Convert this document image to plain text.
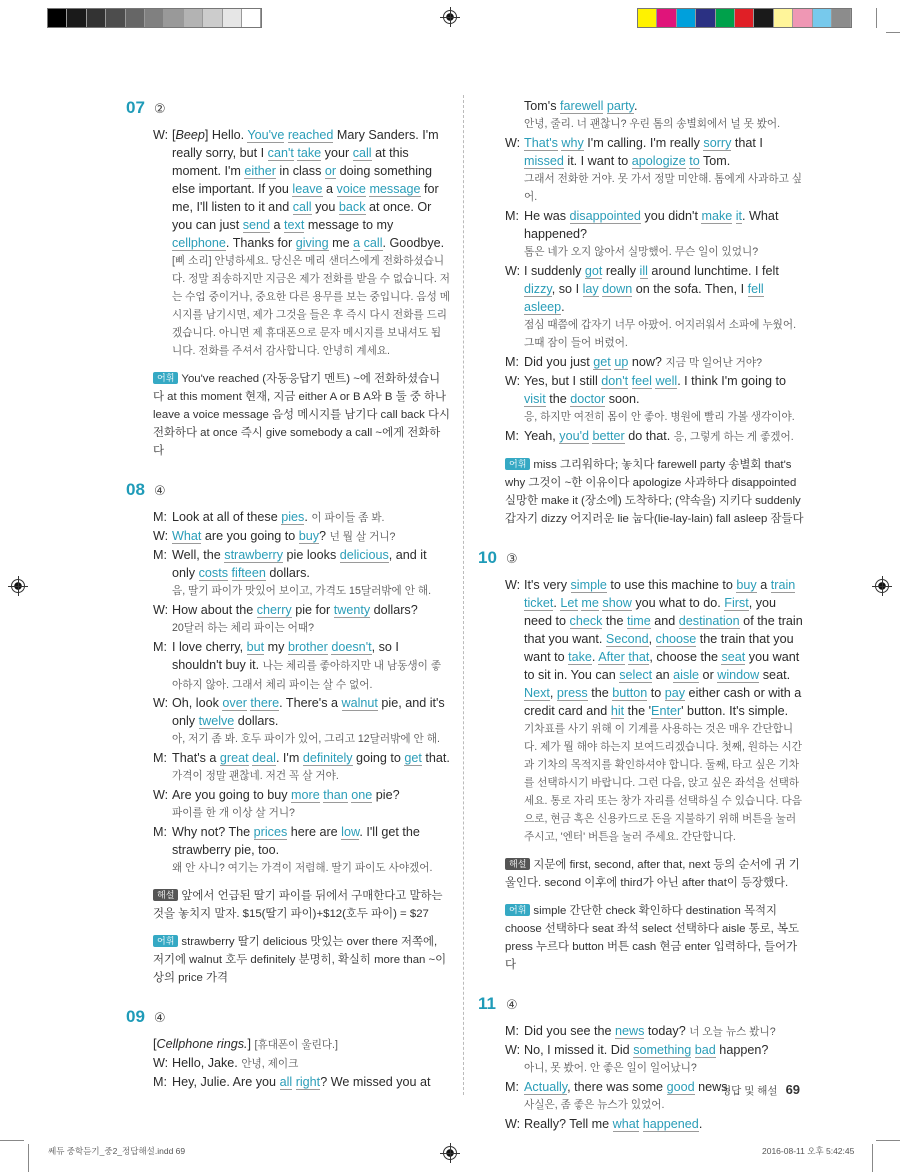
07 ②
W: [Beep] Hello. You've reached Mary Sanders. I'm really sorry, but I can't take your call at this moment. I'm either in class or doing something else important. If you leave a voice message for me, I'll listen to it and call you back at once. Or you can just send a text message to my cellphone. Thanks for giving me a call. Goodbye.
[삐 소리] 안녕하세요. 당신은 메리 샌더스에게 전화하셨습니다. 정말 죄송하지만 지금은 제가 전화를 받을 수 없습니다. 저는 수업 중이거나, 중요한 다른 용무를 보는 중입니다. 음성 메시지를 남기시면, 제가 그것을 들은 후 즉시 다시 전화를 드리겠습니다. 아니면 제 휴대폰으로 문자 메시지를 보내셔도 됩니다. 전화를 주셔서 감사합니다. 안녕히 계세요.
어휘 You've reached (자동응답기 멘트) ~에 전화하셨습니다 at this moment 현재, 지금 either A or B A와 B 둘 중 하나 leave a voice message 음성 메시지를 남기다 call back 다시 전화하다 at once 즉시 give somebody a call ~에게 전화하다
08 ④
M: Look at all of these pies. 이 파이들 좀 봐.
W: What are you going to buy? 넌 뭘 살 거니?
M: Well, the strawberry pie looks delicious, and it only costs fifteen dollars.
음, 딸기 파이가 맛있어 보이고, 가격도 15달러밖에 안 해.
W: How about the cherry pie for twenty dollars?
20달러 하는 체리 파이는 어때?
M: I love cherry, but my brother doesn't, so I shouldn't buy it. 나는 체리를 좋아하지만 내 남동생이 좋아하지 않아. 그래서 체리 파이는 살 수 없어.
W: Oh, look over there. There's a walnut pie, and it's only twelve dollars.
아, 저기 좀 봐. 호두 파이가 있어, 그리고 12달러밖에 안 해.
M: That's a great deal. I'm definitely going to get that.
가격이 정말 괜찮네. 저건 꼭 살 거야.
W: Are you going to buy more than one pie?
파이를 한 개 이상 살 거니?
M: Why not? The prices here are low. I'll get the strawberry pie, too.
왜 안 사니? 여기는 가격이 저렴해. 딸기 파이도 사야겠어.
해설 앞에서 언급된 딸기 파이를 뒤에서 구매한다고 말하는 것을 놓치지 말자. $15(딸기 파이)+$12(호두 파이) = $27
어휘 strawberry 딸기 delicious 맛있는 over there 저쪽에, 저기에 walnut 호두 definitely 분명히, 확실히 more than ~이상의 price 가격
09 ④
[Cellphone rings.] [휴대폰이 울린다.]
W: Hello, Jake. 안녕, 제이크
M: Hey, Julie. Are you all right? We missed you at
Tom's farewell party.
안녕, 줄리. 너 괜찮니? 우린 톰의 송별회에서 널 못 봤어.
W: That's why I'm calling. I'm really sorry that I missed it. I want to apologize to Tom.
그래서 전화한 거야. 못 가서 정말 미안해. 톰에게 사과하고 싶어.
M: He was disappointed you didn't make it. What happened?
톰은 네가 오지 않아서 실망했어. 무슨 일이 있었니?
W: I suddenly got really ill around lunchtime. I felt dizzy, so I lay down on the sofa. Then, I fell asleep.
점심 때쯤에 갑자기 너무 아팠어. 어지러워서 소파에 누웠어. 그때 잠이 들어 버렸어.
M: Did you just get up now? 지금 막 일어난 거야?
W: Yes, but I still don't feel well. I think I'm going to visit the doctor soon.
응, 하지만 여전히 몸이 안 좋아. 병원에 빨리 가볼 생각이야.
M: Yeah, you'd better do that. 응, 그렇게 하는 게 좋겠어.
어휘 miss 그리워하다; 놓치다 farewell party 송별회 that's why 그것이 ~한 이유이다 apologize 사과하다 disappointed 실망한 make it (장소에) 도착하다; (약속을) 지키다 suddenly 갑자기 dizzy 어지러운 lie 눕다(lie-lay-lain) fall asleep 잠들다
10 ③
W: It's very simple to use this machine to buy a train ticket. Let me show you what to do. First, you need to check the time and destination of the train that you want. Second, choose the train that you want to take. After that, choose the seat you want to sit in. You can select an aisle or window seat. Next, press the button to pay either cash or with a credit card and hit the 'Enter' button. It's simple.
기차표를 사기 위해 이 기계를 사용하는 것은 매우 간단합니다. 제가 뭘 해야 하는지 보여드리겠습니다. 첫째, 원하는 시간과 기차의 목적지를 확인하셔야 합니다. 둘째, 타고 싶은 기차를 선택하시기 바랍니다. 그런 다음, 앉고 싶은 좌석을 선택하세요. 통로 자리 또는 창가 자리를 선택하실 수 있습니다. 다음으로, 현금 혹은 신용카드로 돈을 지불하기 위해 버튼을 눌러주시고, '엔터' 버튼을 눌러 주세요. 간단합니다.
해설 지문에 first, second, after that, next 등의 순서에 귀 기울인다. second 이후에 third가 아닌 after that이 등장했다.
어휘 simple 간단한 check 확인하다 destination 목적지 choose 선택하다 seat 좌석 select 선택하다 aisle 통로, 복도 press 누르다 button 버튼 cash 현금 enter 입력하다, 들어가다
11 ④
M: Did you see the news today? 너 오늘 뉴스 봤니?
W: No, I missed it. Did something bad happen?
아니, 못 봤어. 안 좋은 일이 일어났니?
M: Actually, there was some good news.
사실은, 좀 좋은 뉴스가 있었어.
W: Really? Tell me what happened.
정답 및 해설 69
쎄듀 중학듣기_중2_정답해설.indd 69	2016-08-11 오후 5:42:45
